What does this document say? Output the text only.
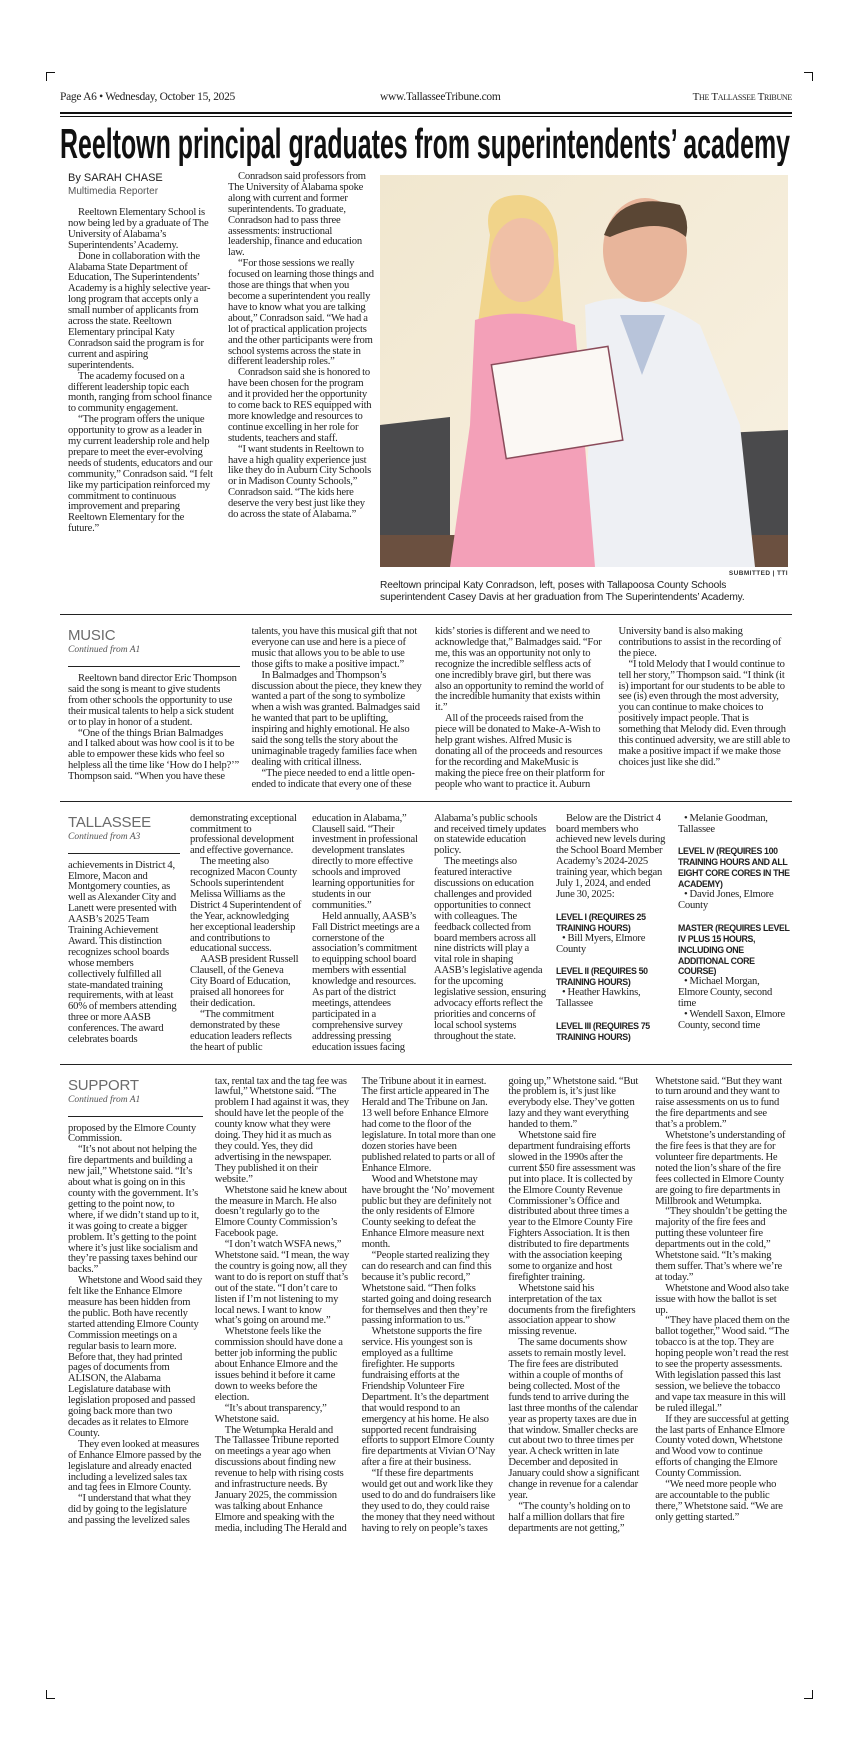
Page A6 • Wednesday, October 15, 2025	www.TallasseeTribune.com	The Tallassee Tribune
Reeltown principal graduates from superintendents’ academy
By SARAH CHASE
Multimedia Reporter

Reeltown Elementary School is now being led by a graduate of The University of Alabama’s Superintendents’ Academy.

Done in collaboration with the Alabama State Department of Education, The Superintendents’ Academy is a highly selective year-long program that accepts only a small number of applicants from across the state. Reeltown Elementary principal Katy Conradson said the program is for current and aspiring superintendents.

The academy focused on a different leadership topic each month, ranging from school finance to community engagement.

“The program offers the unique opportunity to grow as a leader in my current leadership role and help prepare to meet the ever-evolving needs of students, educators and our community,” Conradson said. “I felt like my participation reinforced my commitment to continuous improvement and preparing Reeltown Elementary for the future.”

Conradson said professors from The University of Alabama spoke along with current and former superintendents. To graduate, Conradson had to pass three assessments: instructional leadership, finance and education law.

“For those sessions we really focused on learning those things and those are things that when you become a superintendent you really have to know what you are talking about,” Conradson said. “We had a lot of practical application projects and the other participants were from school systems across the state in different leadership roles.”

Conradson said she is honored to have been chosen for the program and it provided her the opportunity to come back to RES equipped with more knowledge and resources to continue excelling in her role for students, teachers and staff.

“I want students in Reeltown to have a high quality experience just like they do in Auburn City Schools or in Madison County Schools,” Conradson said. “The kids here deserve the very best just like they do across the state of Alabama.”

SUBMITTED | TTI
Reeltown principal Katy Conradson, left, poses with Tallapoosa County Schools superintendent Casey Davis at her graduation from The Superintendents’ Academy.
MUSIC
Continued from A1

Reeltown band director Eric Thompson said the song is meant to give students from other schools the opportunity to use their musical talents to help a sick student or to play in honor of a student.

“One of the things Brian Balmadges and I talked about was how cool is it to be able to empower these kids who feel so helpless all the time like ‘How do I help?’” Thompson said. “When you have these talents, you have this musical gift that not everyone can use and here is a piece of music that allows you to be able to use those gifts to make a positive impact.”

In Balmadges and Thompson’s discussion about the piece, they knew they wanted a part of the song to symbolize when a wish was granted. Balmadges said he wanted that part to be uplifting, inspiring and highly emotional. He also said the song tells the story about the unimaginable tragedy families face when dealing with critical illness.

“The piece needed to end a little open-ended to indicate that every one of these kids’ stories is different and we need to acknowledge that,” Balmadges said. “For me, this was an opportunity not only to recognize the incredible selfless acts of one incredibly brave girl, but there was also an opportunity to remind the world of the incredible humanity that exists within it.”

All of the proceeds raised from the piece will be donated to Make-A-Wish to help grant wishes. Alfred Music is donating all of the proceeds and resources for the recording and MakeMusic is making the piece free on their platform for people who want to practice it. Auburn University band is also making contributions to assist in the recording of the piece.

“I told Melody that I would continue to tell her story,” Thompson said. “I think (it is) important for our students to be able to see (is) even through the most adversity, you can continue to make choices to positively impact people. That is something that Melody did. Even through this continued adversity, we are still able to make a positive impact if we make those choices just like she did.”

TALLASSEE
Continued from A3

achievements in District 4, Elmore, Macon and Montgomery counties, as well as Alexander City and Lanett were presented with AASB’s 2025 Team Training Achievement Award. This distinction recognizes school boards whose members collectively fulfilled all state-mandated training requirements, with at least 60% of members attending three or more AASB conferences. The award celebrates boards demonstrating exceptional commitment to professional development and effective governance.

The meeting also recognized Macon County Schools superintendent Melissa Williams as the District 4 Superintendent of the Year, acknowledging her exceptional leadership and contributions to educational success.

AASB president Russell Clausell, of the Geneva City Board of Education, praised all honorees for their dedication.

“The commitment demonstrated by these education leaders reflects the heart of public education in Alabama,” Clausell said. “Their investment in professional development translates directly to more effective schools and improved learning opportunities for students in our communities.”

Held annually, AASB’s Fall District meetings are a cornerstone of the association’s commitment to equipping school board members with essential knowledge and resources. As part of the district meetings, attendees participated in a comprehensive survey addressing pressing education issues facing Alabama’s public schools and received timely updates on statewide education policy.

The meetings also featured interactive discussions on education challenges and provided opportunities to connect with colleagues. The feedback collected from board members across all nine districts will play a vital role in shaping AASB’s legislative agenda for the upcoming legislative session, ensuring advocacy efforts reflect the priorities and concerns of local school systems throughout the state.

Below are the District 4 board members who achieved new levels during the School Board Member Academy’s 2024-2025 training year, which began July 1, 2024, and ended June 30, 2025:

LEVEL I (REQUIRES 25 TRAINING HOURS)

• Bill Myers, Elmore County

LEVEL II (REQUIRES 50 TRAINING HOURS)

• Heather Hawkins, Tallassee

LEVEL III (REQUIRES 75 TRAINING HOURS)

• Melanie Goodman, Tallassee

LEVEL IV (REQUIRES 100 TRAINING HOURS AND ALL EIGHT CORE CORES IN THE ACADEMY)

• David Jones, Elmore County

MASTER (REQUIRES LEVEL IV PLUS 15 HOURS, INCLUDING ONE ADDITIONAL CORE COURSE)

• Michael Morgan, Elmore County, second time

• Wendell Saxon, Elmore County, second time

SUPPORT
Continued from A1

proposed by the Elmore County Commission.

“It’s not about not helping the fire departments and building a new jail,” Whetstone said. “It’s about what is going on in this county with the government. It’s getting to the point now, to where, if we didn’t stand up to it, it was going to create a bigger problem. It’s getting to the point where it’s just like socialism and they’re passing taxes behind our backs.”

Whetstone and Wood said they felt like the Enhance Elmore measure has been hidden from the public. Both have recently started attending Elmore County Commission meetings on a regular basis to learn more. Before that, they had printed pages of documents from ALISON, the Alabama Legislature database with legislation proposed and passed going back more than two decades as it relates to Elmore County.

They even looked at measures of Enhance Elmore passed by the legislature and already enacted including a levelized sales tax and tag fees in Elmore County.

“I understand that what they did by going to the legislature and passing the levelized sales tax, rental tax and the tag fee was lawful,” Whetstone said. “The problem I had against it was, they should have let the people of the county know what they were doing. They hid it as much as they could. Yes, they did advertising in the newspaper. They published it on their website.”

Whetstone said he knew about the measure in March. He also doesn’t regularly go to the Elmore County Commission’s Facebook page.

“I don’t watch WSFA news,” Whetstone said. “I mean, the way the country is going now, all they want to do is report on stuff that’s out of the state. “I don’t care to listen if I’m not listening to my local news. I want to know what’s going on around me.”

Whetstone feels like the commission should have done a better job informing the public about Enhance Elmore and the issues behind it before it came down to weeks before the election.

“It’s about transparency,” Whetstone said.

The Wetumpka Herald and The Tallassee Tribune reported on meetings a year ago when discussions about finding new revenue to help with rising costs and infrastructure needs. By January 2025, the commission was talking about Enhance Elmore and speaking with the media, including The Herald and The Tribune about it in earnest. The first article appeared in The Herald and The Tribune on Jan. 13 well before Enhance Elmore had come to the floor of the legislature. In total more than one dozen stories have been published related to parts or all of Enhance Elmore.

Wood and Whetstone may have brought the ‘No’ movement public but they are definitely not the only residents of Elmore County seeking to defeat the Enhance Elmore measure next month.

“People started realizing they can do research and can find this because it’s public record,” Whetstone said. “Then folks started going and doing research for themselves and then they’re passing information to us.”

Whetstone supports the fire service. His youngest son is employed as a fulltime firefighter. He supports fundraising efforts at the Friendship Volunteer Fire Department. It’s the department that would respond to an emergency at his home. He also supported recent fundraising efforts to support Elmore County fire departments at Vivian O’Nay after a fire at their business.

“If these fire departments would get out and work like they used to do and do fundraisers like they used to do, they could raise the money that they need without having to rely on people’s taxes going up,” Whetstone said. “But the problem is, it’s just like everybody else. They’ve gotten lazy and they want everything handed to them.”

Whetstone said fire department fundraising efforts slowed in the 1990s after the current $50 fire assessment was put into place. It is collected by the Elmore County Revenue Commissioner’s Office and distributed about three times a year to the Elmore County Fire Fighters Association. It is then distributed to fire departments with the association keeping some to organize and host firefighter training.

Whetstone said his interpretation of the tax documents from the firefighters association appear to show missing revenue.

The same documents show assets to remain mostly level. The fire fees are distributed within a couple of months of being collected. Most of the funds tend to arrive during the last three months of the calendar year as property taxes are due in that window. Smaller checks are cut about two to three times per year. A check written in late December and deposited in January could show a significant change in revenue for a calendar year.

“The county’s holding on to half a million dollars that fire departments are not getting,” Whetstone said. “But they want to turn around and they want to raise assessments on us to fund the fire departments and see that’s a problem.”

Whetstone’s understanding of the fire fees is that they are for volunteer fire departments. He noted the lion’s share of the fire fees collected in Elmore County are going to fire departments in Millbrook and Wetumpka.

“They shouldn’t be getting the majority of the fire fees and putting these volunteer fire departments out in the cold,” Whetstone said. “It’s making them suffer. That’s where we’re at today.”

Whetstone and Wood also take issue with how the ballot is set up.

“They have placed them on the ballot together,” Wood said. “The tobacco is at the top. They are hoping people won’t read the rest to see the property assessments. With legislation passed this last session, we believe the tobacco and vape tax measure in this will be ruled illegal.”

If they are successful at getting the last parts of Enhance Elmore County voted down, Whetstone and Wood vow to continue efforts of changing the Elmore County Commission.

“We need more people who are accountable to the public there,” Whetstone said. “We are only getting started.”
